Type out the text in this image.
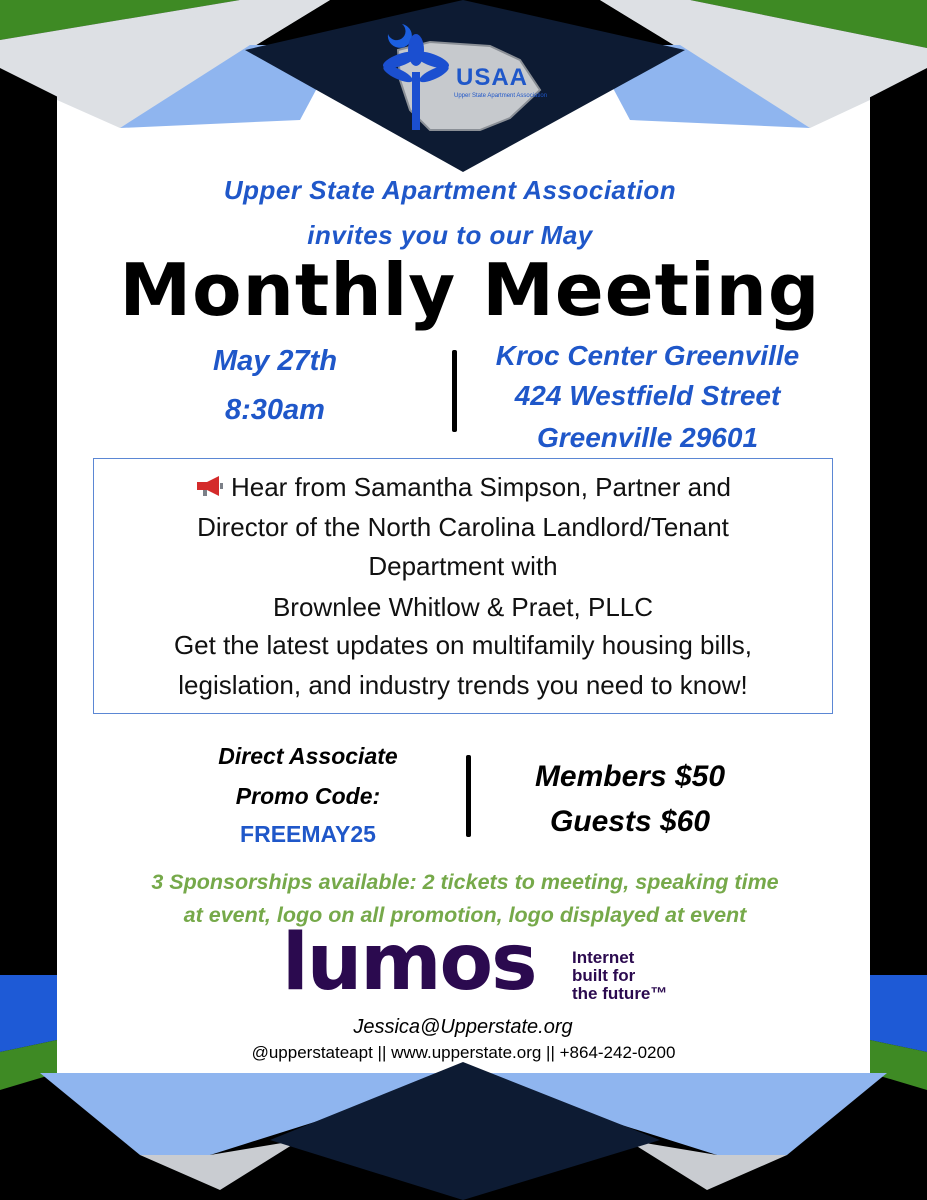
USAA
Upper State Apartment Association
Upper State Apartment Association
invites you to our May
Monthly Meeting
May 27th
8:30am
Kroc Center Greenville
424 Westfield Street
Greenville 29601
Hear from Samantha Simpson, Partner and
Director of the North Carolina Landlord/Tenant
Department with
Brownlee Whitlow & Praet, PLLC
Get the latest updates on multifamily housing bills,
legislation, and industry trends you need to know!
Direct Associate
Promo Code:
FREEMAY25
Members $50
Guests $60
3 Sponsorships available: 2 tickets to meeting, speaking time
at event, logo on all promotion, logo displayed at event
lumos Internet
built for
the future™
Jessica@Upperstate.org
@upperstateapt || www.upperstate.org || +864-242-0200
